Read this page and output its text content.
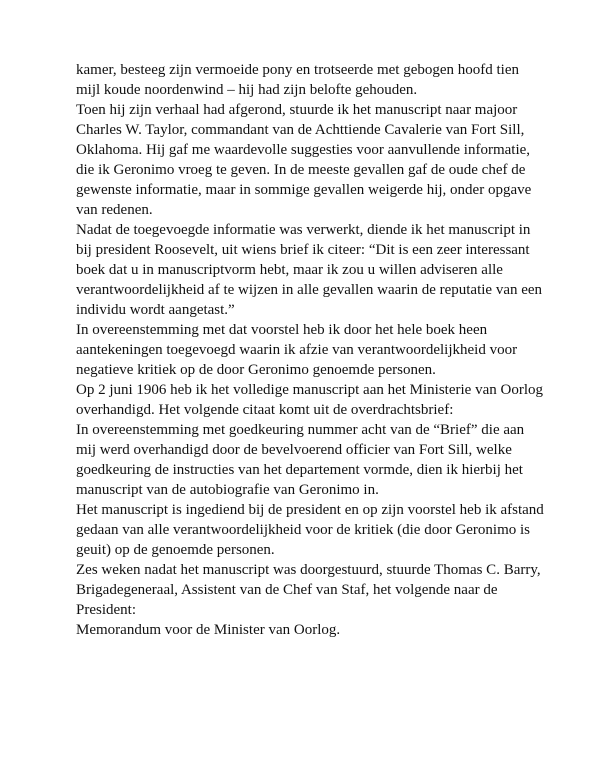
kamer, besteeg zijn vermoeide pony en trotseerde met gebogen hoofd tien mijl koude noordenwind – hij had zijn belofte gehouden.

Toen hij zijn verhaal had afgerond, stuurde ik het manuscript naar majoor Charles W. Taylor, commandant van de Achttiende Cavalerie van Fort Sill, Oklahoma. Hij gaf me waardevolle suggesties voor aanvullende informatie, die ik Geronimo vroeg te geven. In de meeste gevallen gaf de oude chef de gewenste informatie, maar in sommige gevallen weigerde hij, onder opgave van redenen.

Nadat de toegevoegde informatie was verwerkt, diende ik het manuscript in bij president Roosevelt, uit wiens brief ik citeer: “Dit is een zeer interessant boek dat u in manuscriptvorm hebt, maar ik zou u willen adviseren alle verantwoordelijkheid af te wijzen in alle gevallen waarin de reputatie van een individu wordt aangetast.”

In overeenstemming met dat voorstel heb ik door het hele boek heen aantekeningen toegevoegd waarin ik afzie van verantwoordelijkheid voor negatieve kritiek op de door Geronimo genoemde personen.

Op 2 juni 1906 heb ik het volledige manuscript aan het Ministerie van Oorlog overhandigd. Het volgende citaat komt uit de overdrachtsbrief:

In overeenstemming met goedkeuring nummer acht van de “Brief” die aan mij werd overhandigd door de bevelvoerend officier van Fort Sill, welke goedkeuring de instructies van het departement vormde, dien ik hierbij het manuscript van de autobiografie van Geronimo in.

Het manuscript is ingediend bij de president en op zijn voorstel heb ik afstand gedaan van alle verantwoordelijkheid voor de kritiek (die door Geronimo is geuit) op de genoemde personen.

Zes weken nadat het manuscript was doorgestuurd, stuurde Thomas C. Barry, Brigadegeneraal, Assistent van de Chef van Staf, het volgende naar de President:

Memorandum voor de Minister van Oorlog.
